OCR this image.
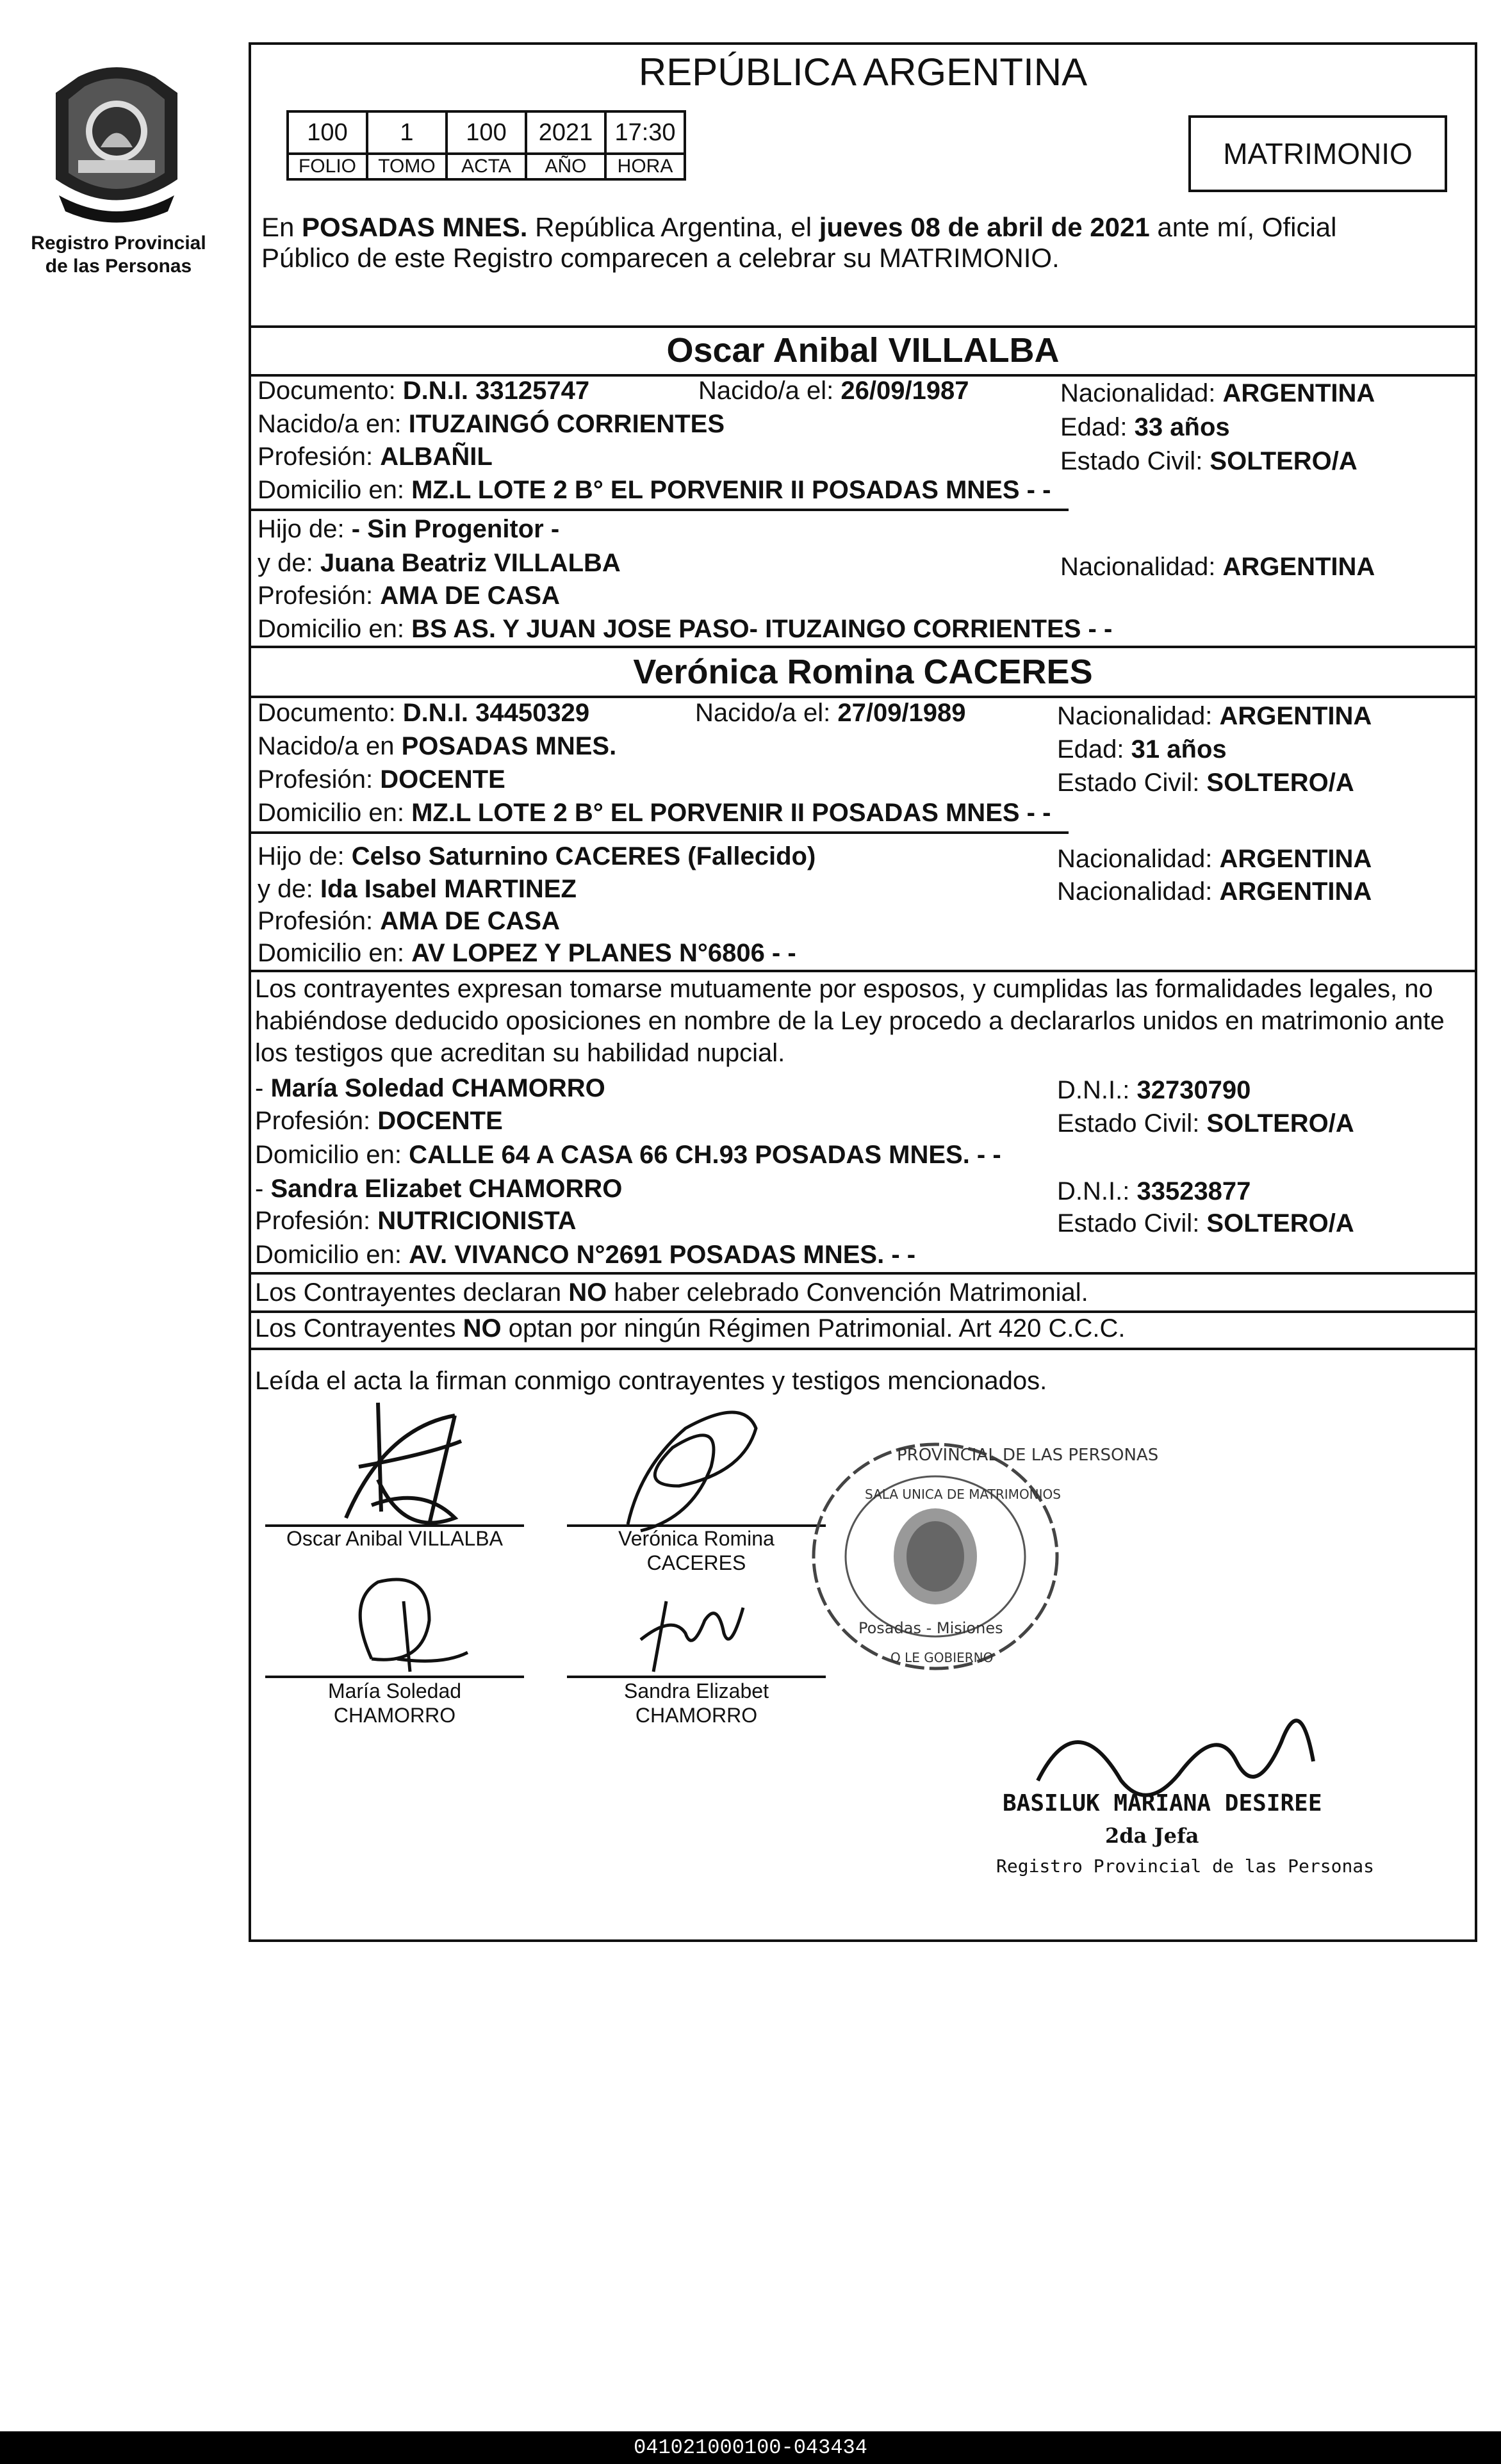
Registro Provincial
de las Personas
REPÚBLICA ARGENTINA
100	1	100	2021	17:30
FOLIO	TOMO	ACTA	AÑO	HORA	MATRIMONIO
En POSADAS MNES. República Argentina, el jueves 08 de abril de 2021 ante mí, Oficial
Público de este Registro comparecen a celebrar su MATRIMONIO.
Oscar Anibal VILLALBA
Documento: D.N.I. 33125747	Nacido/a el: 26/09/1987	Nacionalidad: ARGENTINA
Nacido/a en: ITUZAINGÓ CORRIENTES	Edad: 33 años
Profesión: ALBAÑIL	Estado Civil: SOLTERO/A
Domicilio en: MZ.L LOTE 2 B° EL PORVENIR II POSADAS MNES - -
Hijo de: - Sin Progenitor -
y de: Juana Beatriz VILLALBA	Nacionalidad: ARGENTINA
Profesión: AMA DE CASA
Domicilio en: BS AS. Y JUAN JOSE PASO- ITUZAINGO CORRIENTES - -
Verónica Romina CACERES
Documento: D.N.I. 34450329	Nacido/a el: 27/09/1989	Nacionalidad: ARGENTINA
Nacido/a en POSADAS MNES.	Edad: 31 años
Profesión: DOCENTE	Estado Civil: SOLTERO/A
Domicilio en: MZ.L LOTE 2 B° EL PORVENIR II POSADAS MNES - -
Hijo de: Celso Saturnino CACERES (Fallecido)	Nacionalidad: ARGENTINA
y de: Ida Isabel MARTINEZ	Nacionalidad: ARGENTINA
Profesión: AMA DE CASA
Domicilio en: AV LOPEZ Y PLANES N°6806 - -
Los contrayentes expresan tomarse mutuamente por esposos, y cumplidas las formalidades legales, no
habiéndose deducido oposiciones en nombre de la Ley procedo a declararlos unidos en matrimonio ante
los testigos que acreditan su habilidad nupcial.
- María Soledad CHAMORRO	D.N.I.: 32730790
Profesión: DOCENTE	Estado Civil: SOLTERO/A
Domicilio en: CALLE 64 A CASA 66 CH.93 POSADAS MNES. - -
- Sandra Elizabet CHAMORRO	D.N.I.: 33523877
Profesión: NUTRICIONISTA	Estado Civil: SOLTERO/A
Domicilio en: AV. VIVANCO N°2691 POSADAS MNES. - -
Los Contrayentes declaran NO haber celebrado Convención Matrimonial.
Los Contrayentes NO optan por ningún Régimen Patrimonial. Art 420 C.C.C.
Leída el acta la firman conmigo contrayentes y testigos mencionados.
Oscar Anibal VILLALBA	Verónica Romina
CACERES
María Soledad
CHAMORRO
Sandra Elizabet
CHAMORRO
PROVINCIAL DE LAS PERSONAS
SALA UNICA DE MATRIMONIOS
Posadas - Misiones
O LE GOBIERNO
BASILUK MARIANA DESIREE
2da Jefa
Registro Provincial de las Personas
041021000100-043434
